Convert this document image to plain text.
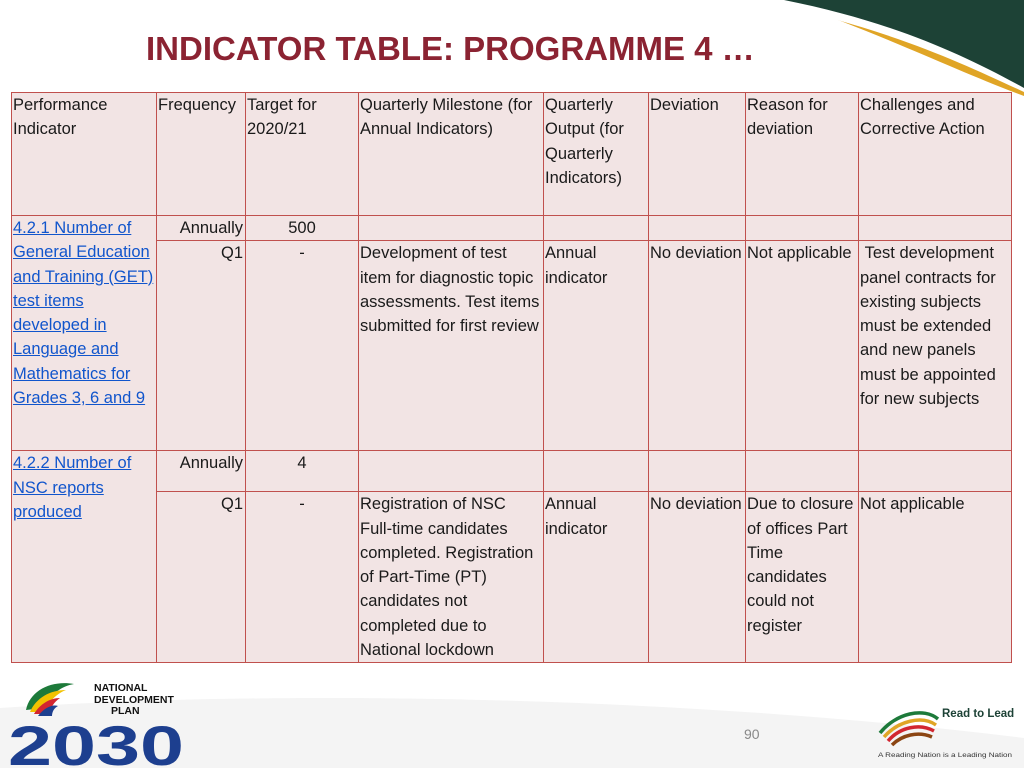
INDICATOR TABLE: PROGRAMME 4 …
Performance Indicator	Frequency	Target for 2020/21	Quarterly Milestone (for Annual Indicators)	Quarterly Output (for Quarterly Indicators)	Deviation	Reason for deviation	Challenges and Corrective Action
4.2.1 Number of General Education and Training (GET) test items developed in Language and Mathematics for Grades 3, 6 and 9	Annually	500					
	Q1	-	Development of test item for diagnostic topic assessments. Test items submitted for first review	Annual indicator	No deviation	Not applicable	Test development panel contracts for existing subjects must be extended and new panels must be appointed for new subjects
4.2.2 Number of NSC reports produced	Annually	4					
	Q1	-	Registration of NSC Full-time candidates completed. Registration of Part-Time (PT) candidates not completed due to National lockdown	Annual indicator	No deviation	Due to closure of offices Part Time candidates could not register	Not applicable
NATIONAL
DEVELOPMENT
PLAN
2030	90
Read to Lead
A Reading Nation is a Leading Nation
